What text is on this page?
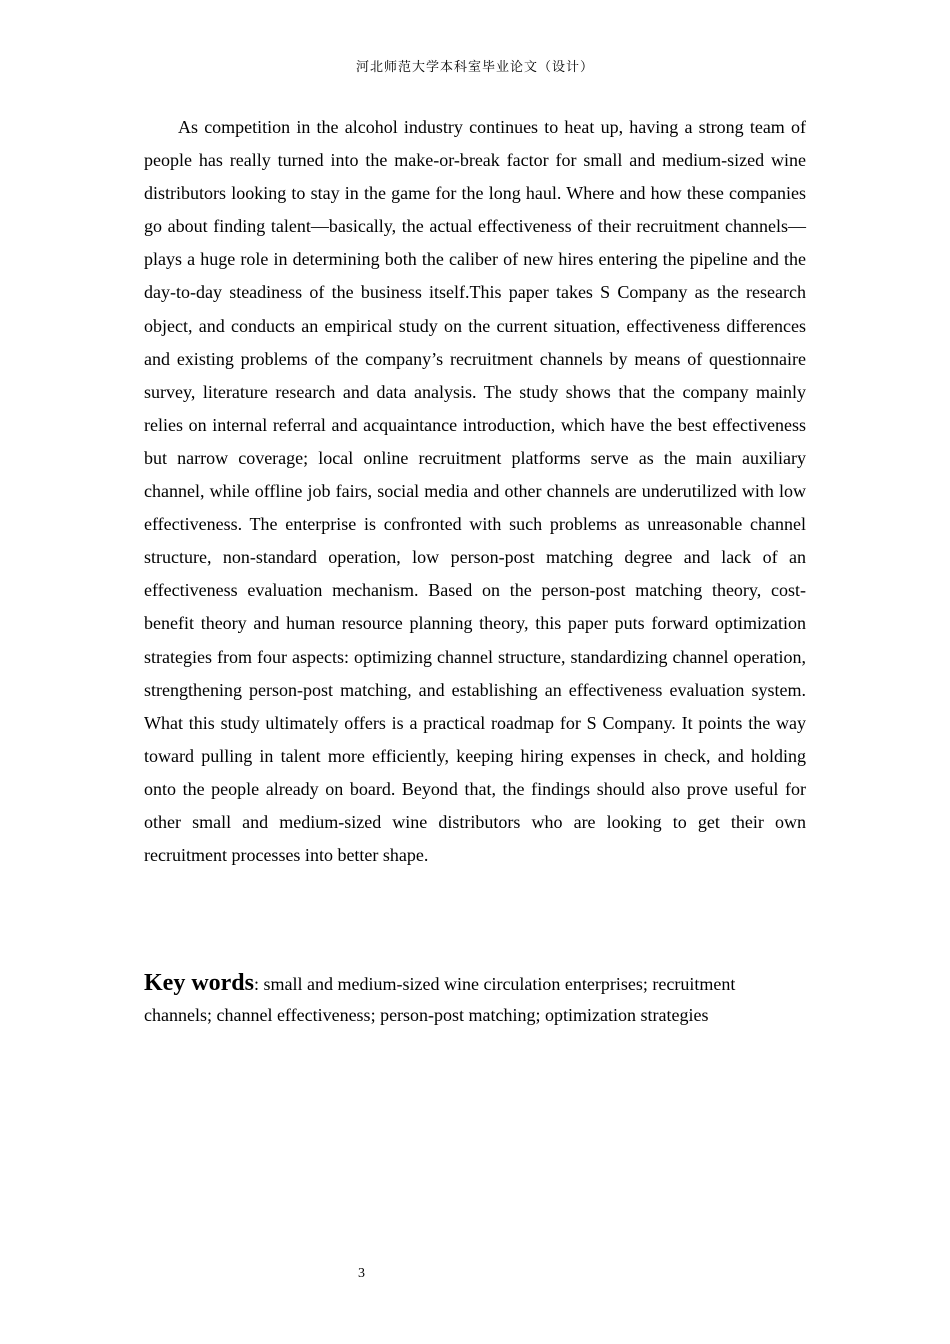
河北师范大学本科室毕业论文（设计）

As competition in the alcohol industry continues to heat up, having a strong team of people has really turned into the make-or-break factor for small and medium-sized wine distributors looking to stay in the game for the long haul. Where and how these companies go about finding talent—basically, the actual effectiveness of their recruitment channels— plays a huge role in determining both the caliber of new hires entering the pipeline and the day-to-day steadiness of the business itself.This paper takes S Company as the research object, and conducts an empirical study on the current situation, effectiveness differences and existing problems of the company’s recruitment channels by means of questionnaire survey, literature research and data analysis. The study shows that the company mainly relies on internal referral and acquaintance introduction, which have the best effectiveness but narrow coverage; local online recruitment platforms serve as the main auxiliary channel, while offline job fairs, social media and other channels are underutilized with low effectiveness. The enterprise is confronted with such problems as unreasonable channel structure, non-standard operation, low person-post matching degree and lack of an effectiveness evaluation mechanism. Based on the person-post matching theory, cost-benefit theory and human resource planning theory, this paper puts forward optimization strategies from four aspects: optimizing channel structure, standardizing channel operation, strengthening person-post matching, and establishing an effectiveness evaluation system. What this study ultimately offers is a practical roadmap for S Company. It points the way toward pulling in talent more efficiently, keeping hiring expenses in check, and holding onto the people already on board. Beyond that, the findings should also prove useful for other small and medium-sized wine distributors who are looking to get their own recruitment processes into better shape.

Key words: small and medium-sized wine circulation enterprises; recruitment channels; channel effectiveness; person-post matching; optimization strategies

3
